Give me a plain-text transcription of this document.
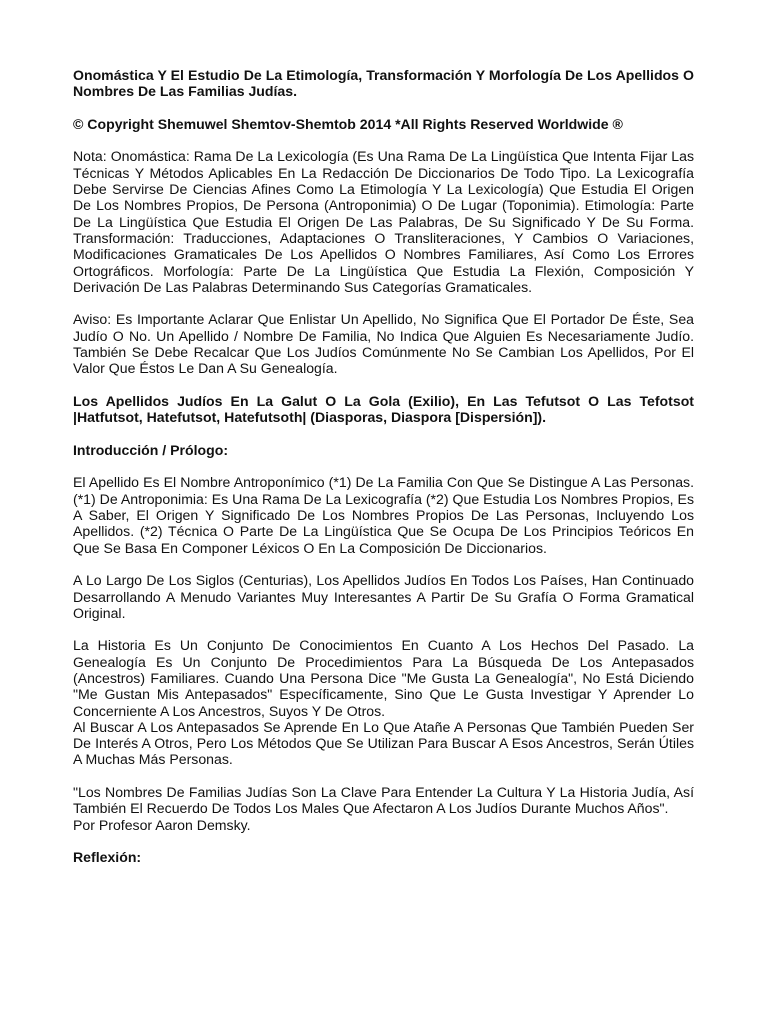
Onomástica Y El Estudio De La Etimología, Transformación Y Morfología De Los Apellidos O Nombres De Las Familias Judías.

© Copyright Shemuwel Shemtov-Shemtob 2014 *All Rights Reserved Worldwide ®

Nota: Onomástica: Rama De La Lexicología (Es Una Rama De La Lingüística Que Intenta Fijar Las Técnicas Y Métodos Aplicables En La Redacción De Diccionarios De Todo Tipo. La Lexicografía Debe Servirse De Ciencias Afines Como La Etimología Y La Lexicología) Que Estudia El Origen De Los Nombres Propios, De Persona (Antroponimia) O De Lugar (Toponimia). Etimología: Parte De La Lingüística Que Estudia El Origen De Las Palabras, De Su Significado Y De Su Forma. Transformación: Traducciones, Adaptaciones O Transliteraciones, Y Cambios O Variaciones, Modificaciones Gramaticales De Los Apellidos O Nombres Familiares, Así Como Los Errores Ortográficos. Morfología: Parte De La Lingüística Que Estudia La Flexión, Composición Y Derivación De Las Palabras Determinando Sus Categorías Gramaticales.

Aviso: Es Importante Aclarar Que Enlistar Un Apellido, No Significa Que El Portador De Éste, Sea Judío O No. Un Apellido / Nombre De Familia, No Indica Que Alguien Es Necesariamente Judío. También Se Debe Recalcar Que Los Judíos Comúnmente No Se Cambian Los Apellidos, Por El Valor Que Éstos Le Dan A Su Genealogía.

Los Apellidos Judíos En La Galut O La Gola (Exilio), En Las Tefutsot O Las Tefotsot |Hatfutsot, Hatefutsot, Hatefutsoth| (Diasporas, Diaspora [Dispersión]).

Introducción / Prólogo:

El Apellido Es El Nombre Antroponímico (*1) De La Familia Con Que Se Distingue A Las Personas. (*1) De Antroponimia: Es Una Rama De La Lexicografía (*2) Que Estudia Los Nombres Propios, Es A Saber, El Origen Y Significado De Los Nombres Propios De Las Personas, Incluyendo Los Apellidos. (*2) Técnica O Parte De La Lingüística Que Se Ocupa De Los Principios Teóricos En Que Se Basa En Componer Léxicos O En La Composición De Diccionarios.

A Lo Largo De Los Siglos (Centurias), Los Apellidos Judíos En Todos Los Países, Han Continuado Desarrollando A Menudo Variantes Muy Interesantes A Partir De Su Grafía O Forma Gramatical Original.

La Historia Es Un Conjunto De Conocimientos En Cuanto A Los Hechos Del Pasado. La Genealogía Es Un Conjunto De Procedimientos Para La Búsqueda De Los Antepasados (Ancestros) Familiares. Cuando Una Persona Dice "Me Gusta La Genealogía", No Está Diciendo "Me Gustan Mis Antepasados" Específicamente, Sino Que Le Gusta Investigar Y Aprender Lo Concerniente A Los Ancestros, Suyos Y De Otros.
Al Buscar A Los Antepasados Se Aprende En Lo Que Atañe A Personas Que También Pueden Ser De Interés A Otros, Pero Los Métodos Que Se Utilizan Para Buscar A Esos Ancestros, Serán Útiles A Muchas Más Personas.
"Los Nombres De Familias Judías Son La Clave Para Entender La Cultura Y La Historia Judía, Así También El Recuerdo De Todos Los Males Que Afectaron A Los Judíos Durante Muchos Años".
Por Profesor Aaron Demsky.

Reflexión:
